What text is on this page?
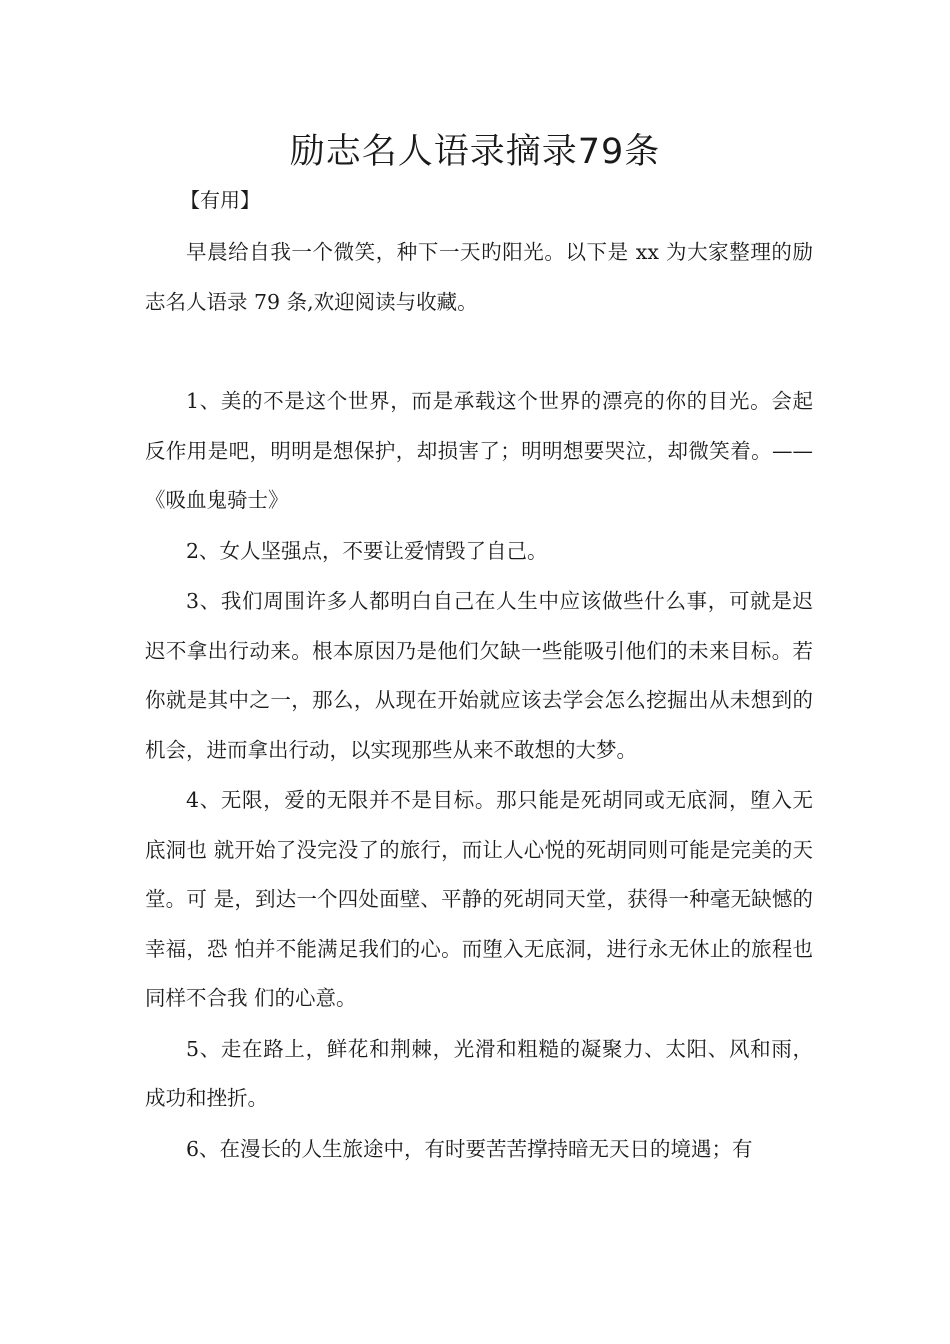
励志名人语录摘录79条

【有用】

早晨给自我一个微笑，种下一天旳阳光。以下是 xx 为大家整理的励志名人语录 79 条,欢迎阅读与收藏。

1、美的不是这个世界，而是承载这个世界的漂亮的你的目光。会起反作用是吧，明明是想保护，却损害了；明明想要哭泣，却微笑着。——《吸血鬼骑士》

2、女人坚强点，不要让爱情毁了自己。

3、我们周围许多人都明白自己在人生中应该做些什么事，可就是迟迟不拿出行动来。根本原因乃是他们欠缺一些能吸引他们的未来目标。若你就是其中之一，那么，从现在开始就应该去学会怎么挖掘出从未想到的机会，进而拿出行动，以实现那些从来不敢想的大梦。

4、无限，爱的无限并不是目标。那只能是死胡同或无底洞，堕入无底洞也 就开始了没完没了的旅行，而让人心悦的死胡同则可能是完美的天堂。可 是，到达一个四处面壁、平静的死胡同天堂，获得一种毫无缺憾的幸福，恐 怕并不能满足我们的心。而堕入无底洞，进行永无休止的旅程也同样不合我 们的心意。

5、走在路上，鲜花和荆棘，光滑和粗糙的凝聚力、太阳、风和雨，成功和挫折。

6、在漫长的人生旅途中，有时要苦苦撑持暗无天日的境遇；有
